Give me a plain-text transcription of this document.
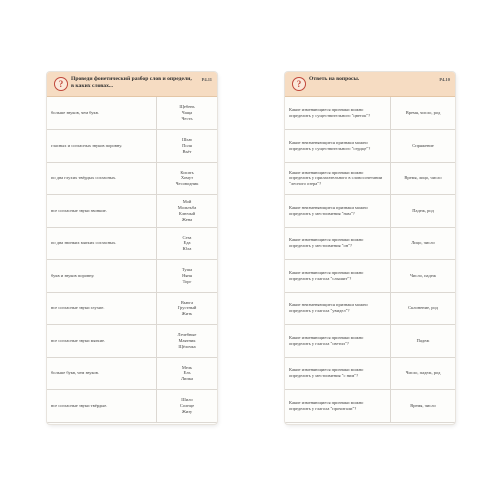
?	Проведи фонетический разбор слов и определи, в каких словах...
Р4.11
больше звуков, чем букв.	Щебень
Чаща
Честь

гласных и согласных звуков поровну.	Шью
Поля
Вьёт

по два глухих твёрдых согласных.	Кисать
Хомут
Чесоводник

все согласные звуки звонкие.	Мой
Мольтьба
Ключый
Жена

по два звонких мягких согласных.	Сеза
Еда
Юла

букв и звуков поровну.	Туша
Няня
Торг

все согласные звуки глухие.	Вьюга
Грустный
Жить

все согласные звуки мягкие.	Лечебные
Маятник
Щёлочка

больше букв, чем звуков.	Мель
Ель
Липка

все согласные звуки твёрдые.	Шило
Солнце
Жизу
?	Ответь на вопросы.	Р4.10
Какие изменяющиеся признаки можно определить у существительного "цветок"?	Время, число, род
Какие неизменяющиеся признаки можно определить у существительного "сердце"?	Спряжение
Какие изменяющиеся признаки можно определить у прилагательного в словосочетании "лесного озера"?	Время, лицо, число
Какие неизменяющиеся признаки можно определить у местоимения "нам"?	Падеж, род
Какие изменяющиеся признаки можно определить у местоимения "он"?	Лицо, число
Какие изменяющиеся признаки можно определить у глагола "слышит"?	Число, падеж
Какие неизменяющиеся признаки можно определить у глагола "увидел"?	Склонение, род
Какие изменяющиеся признаки можно определить у глагола "светил"?	Падеж
Какие изменяющиеся признаки можно определить у местоимения "с ним"?	Число, падеж, род
Какие изменяющиеся признаки можно определить у глагола "прочитали"?	Время, число
